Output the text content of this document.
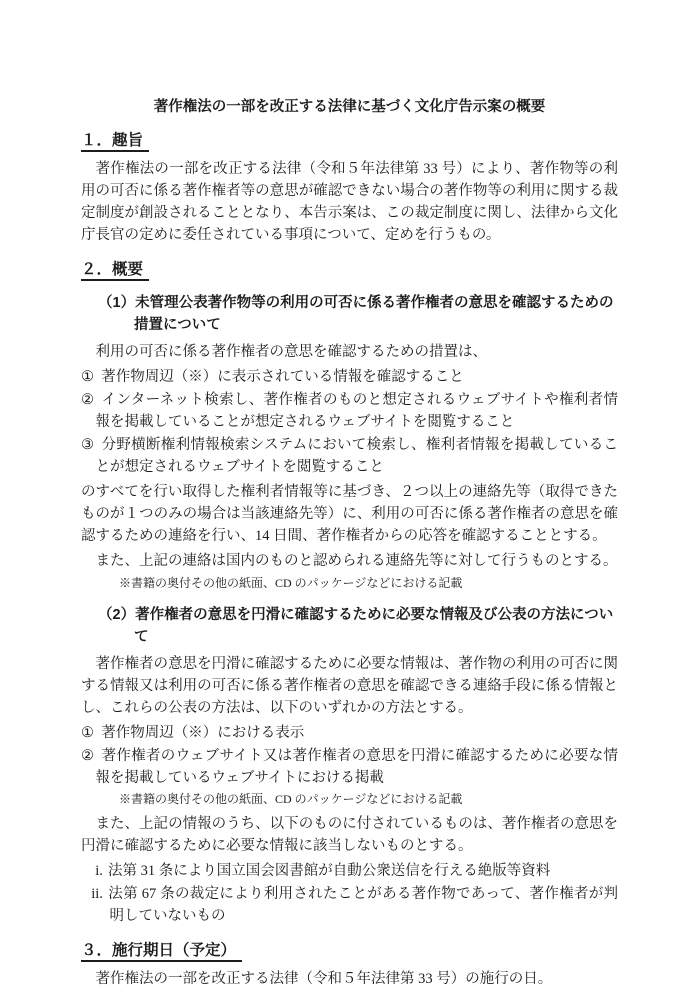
著作権法の一部を改正する法律に基づく文化庁告示案の概要
１．趣旨

著作権法の一部を改正する法律（令和５年法律第 33 号）により、著作物等の利用の可否に係る著作権者等の意思が確認できない場合の著作物等の利用に関する裁定制度が創設されることとなり、本告示案は、この裁定制度に関し、法律から文化庁長官の定めに委任されている事項について、定めを行うもの。

２．概要
（1）未管理公表著作物等の利用の可否に係る著作権者の意思を確認するための措置について

利用の可否に係る著作権者の意思を確認するための措置は、

① 著作物周辺（※）に表示されている情報を確認すること

② インターネット検索し、著作権者のものと想定されるウェブサイトや権利者情報を掲載していることが想定されるウェブサイトを閲覧すること

③ 分野横断権利情報検索システムにおいて検索し、権利者情報を掲載していることが想定されるウェブサイトを閲覧すること

のすべてを行い取得した権利者情報等に基づき、２つ以上の連絡先等（取得できたものが１つのみの場合は当該連絡先等）に、利用の可否に係る著作権者の意思を確認するための連絡を行い、14 日間、著作権者からの応答を確認することとする。

また、上記の連絡は国内のものと認められる連絡先等に対して行うものとする。

※書籍の奥付その他の紙面、CD のパッケージなどにおける記載

（2）著作権者の意思を円滑に確認するために必要な情報及び公表の方法について

著作権者の意思を円滑に確認するために必要な情報は、著作物の利用の可否に関する情報又は利用の可否に係る著作権者の意思を確認できる連絡手段に係る情報とし、これらの公表の方法は、以下のいずれかの方法とする。

① 著作物周辺（※）における表示

② 著作権者のウェブサイト又は著作権者の意思を円滑に確認するために必要な情報を掲載しているウェブサイトにおける掲載

※書籍の奥付その他の紙面、CD のパッケージなどにおける記載

また、上記の情報のうち、以下のものに付されているものは、著作権者の意思を円滑に確認するために必要な情報に該当しないものとする。

i. 法第 31 条により国立国会図書館が自動公衆送信を行える絶版等資料

ii. 法第 67 条の裁定により利用されたことがある著作物であって、著作権者が判明していないもの

３．施行期日（予定）

著作権法の一部を改正する法律（令和５年法律第 33 号）の施行の日。
